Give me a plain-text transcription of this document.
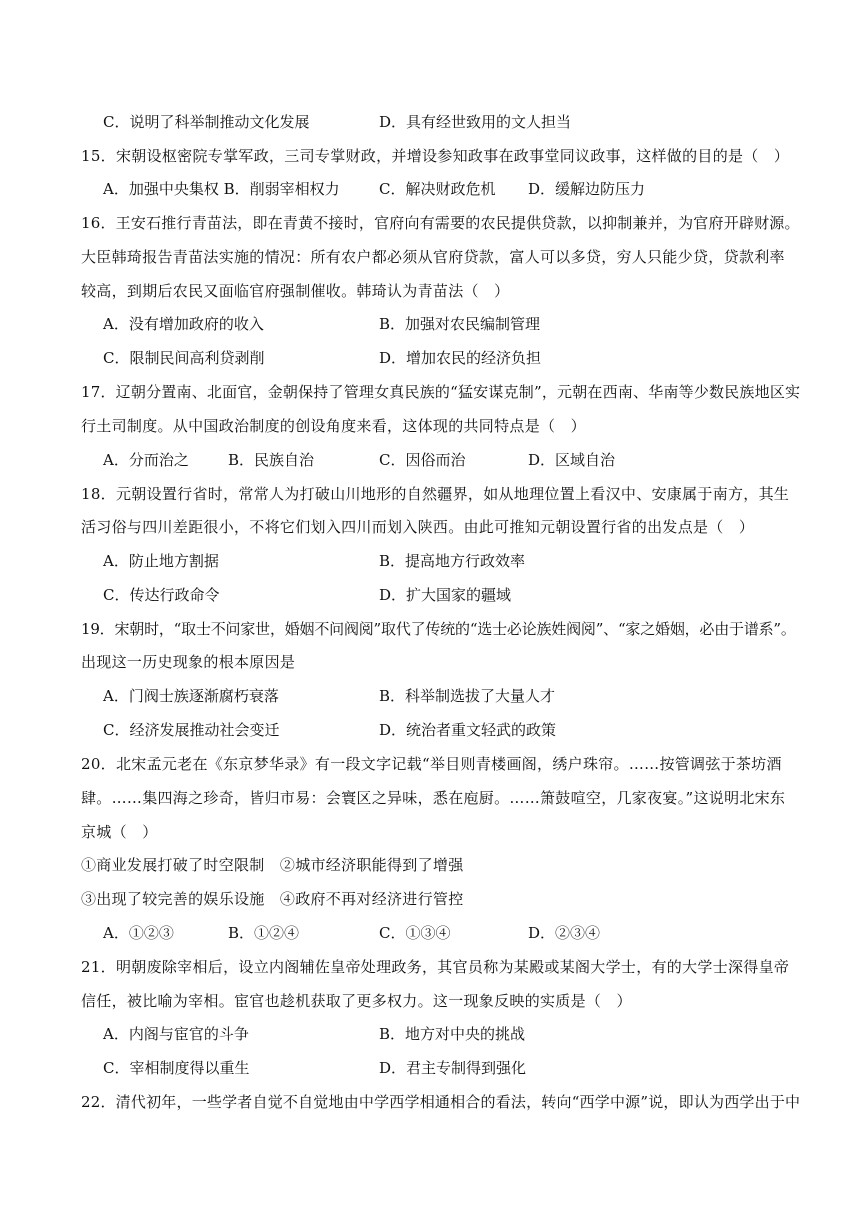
C．说明了科举制推动文化发展	D．具有经世致用的文人担当
15．宋朝设枢密院专掌军政，三司专掌财政，并增设参知政事在政事堂同议政事，这样做的目的是（　）
A．加强中央集权 B．削弱宰相权力	C．解决财政危机 D．缓解边防压力
16．王安石推行青苗法，即在青黄不接时，官府向有需要的农民提供贷款，以抑制兼并，为官府开辟财源。
大臣韩琦报告青苗法实施的情况：所有农户都必须从官府贷款，富人可以多贷，穷人只能少贷，贷款利率
较高，到期后农民又面临官府强制催收。韩琦认为青苗法（　）
A．没有增加政府的收入	B．加强对农民编制管理
C．限制民间高利贷剥削	D．增加农民的经济负担
17．辽朝分置南、北面官，金朝保持了管理女真民族的“猛安谋克制”，元朝在西南、华南等少数民族地区实
行土司制度。从中国政治制度的创设角度来看，这体现的共同特点是（　）
A．分而治之	B．民族自治	C．因俗而治	D．区域自治
18．元朝设置行省时，常常人为打破山川地形的自然疆界，如从地理位置上看汉中、安康属于南方，其生
活习俗与四川差距很小，不将它们划入四川而划入陕西。由此可推知元朝设置行省的出发点是（　）
A．防止地方割据	B．提高地方行政效率
C．传达行政命令	D．扩大国家的疆域
19．宋朝时，“取士不问家世，婚姻不问阀阅”取代了传统的“选士必论族姓阀阅”、“家之婚姻，必由于谱系”。
出现这一历史现象的根本原因是
A．门阀士族逐渐腐朽衰落	B．科举制选拔了大量人才
C．经济发展推动社会变迁	D．统治者重文轻武的政策
20．北宋孟元老在《东京梦华录》有一段文字记载“举目则青楼画阁，绣户珠帘。……按管调弦于茶坊酒
肆。……集四海之珍奇，皆归市易：会寰区之异味，悉在庖厨。……箫鼓喧空，几家夜宴。”这说明北宋东
京城（　）
①商业发展打破了时空限制　②城市经济职能得到了增强
③出现了较完善的娱乐设施　④政府不再对经济进行管控
A．①②③	B．①②④	C．①③④	D．②③④
21．明朝废除宰相后，设立内阁辅佐皇帝处理政务，其官员称为某殿或某阁大学士，有的大学士深得皇帝
信任，被比喻为宰相。宦官也趁机获取了更多权力。这一现象反映的实质是（　）
A．内阁与宦官的斗争	B．地方对中央的挑战
C．宰相制度得以重生	D．君主专制得到强化
22．清代初年，一些学者自觉不自觉地由中学西学相通相合的看法，转向“西学中源”说，即认为西学出于中
